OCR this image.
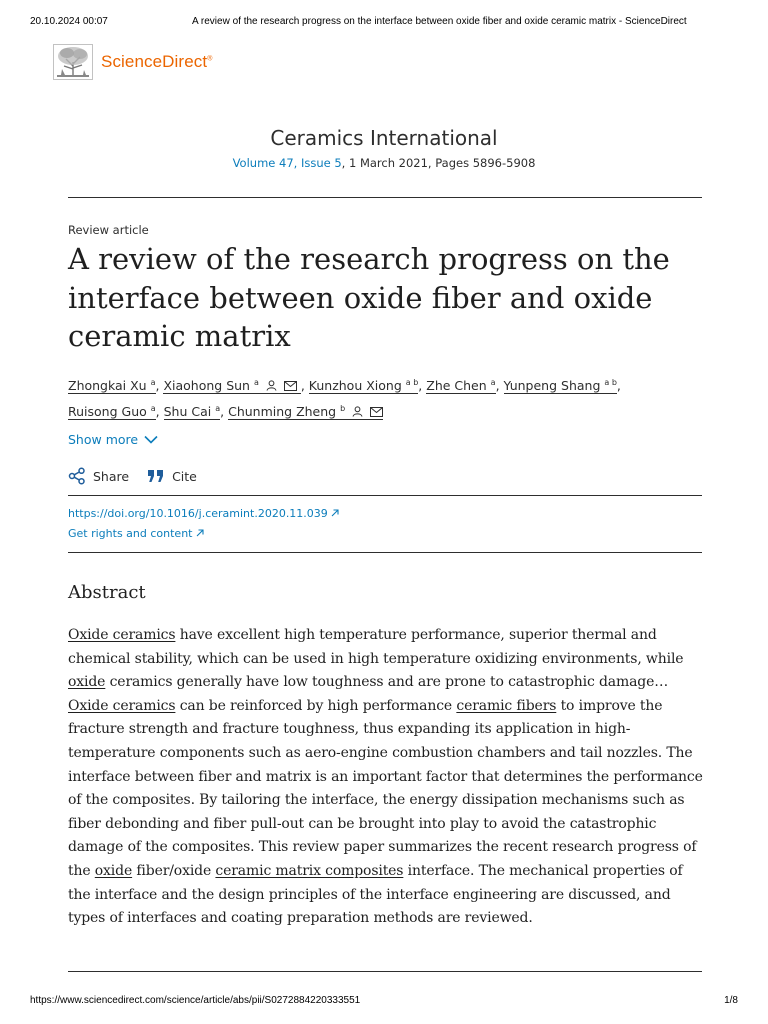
20.10.2024 00:07	A review of the research progress on the interface between oxide fiber and oxide ceramic matrix - ScienceDirect
ScienceDirect®
Ceramics International
Volume 47, Issue 5, 1 March 2021, Pages 5896-5908
Review article
A review of the research progress on the interface between oxide fiber and oxide ceramic matrix
Zhongkai Xu $^a$, Xiaohong Sun $^a$	, Kunzhou Xiong $^{a b}$, Zhe Chen $^a$, Yunpeng Shang $^{a b}$,
Ruisong Guo $^a$, Shu Cai $^a$, Chunming Zheng $^b$
Show more
Share	Cite
https://doi.org/10.1016/j.ceramint.2020.11.039
Get rights and content
Abstract
Oxide ceramics have excellent high temperature performance, superior thermal and chemical stability, which can be used in high temperature oxidizing environments, while oxide ceramics generally have low toughness and are prone to catastrophic damage… Oxide ceramics can be reinforced by high performance ceramic fibers to improve the fracture strength and fracture toughness, thus expanding its application in high-temperature components such as aero-engine combustion chambers and tail nozzles. The interface between fiber and matrix is an important factor that determines the performance of the composites. By tailoring the interface, the energy dissipation mechanisms such as fiber debonding and fiber pull-out can be brought into play to avoid the catastrophic damage of the composites. This review paper summarizes the recent research progress of the oxide fiber/oxide ceramic matrix composites interface. The mechanical properties of the interface and the design principles of the interface engineering are discussed, and types of interfaces and coating preparation methods are reviewed.
https://www.sciencedirect.com/science/article/abs/pii/S0272884220333551	1/8
